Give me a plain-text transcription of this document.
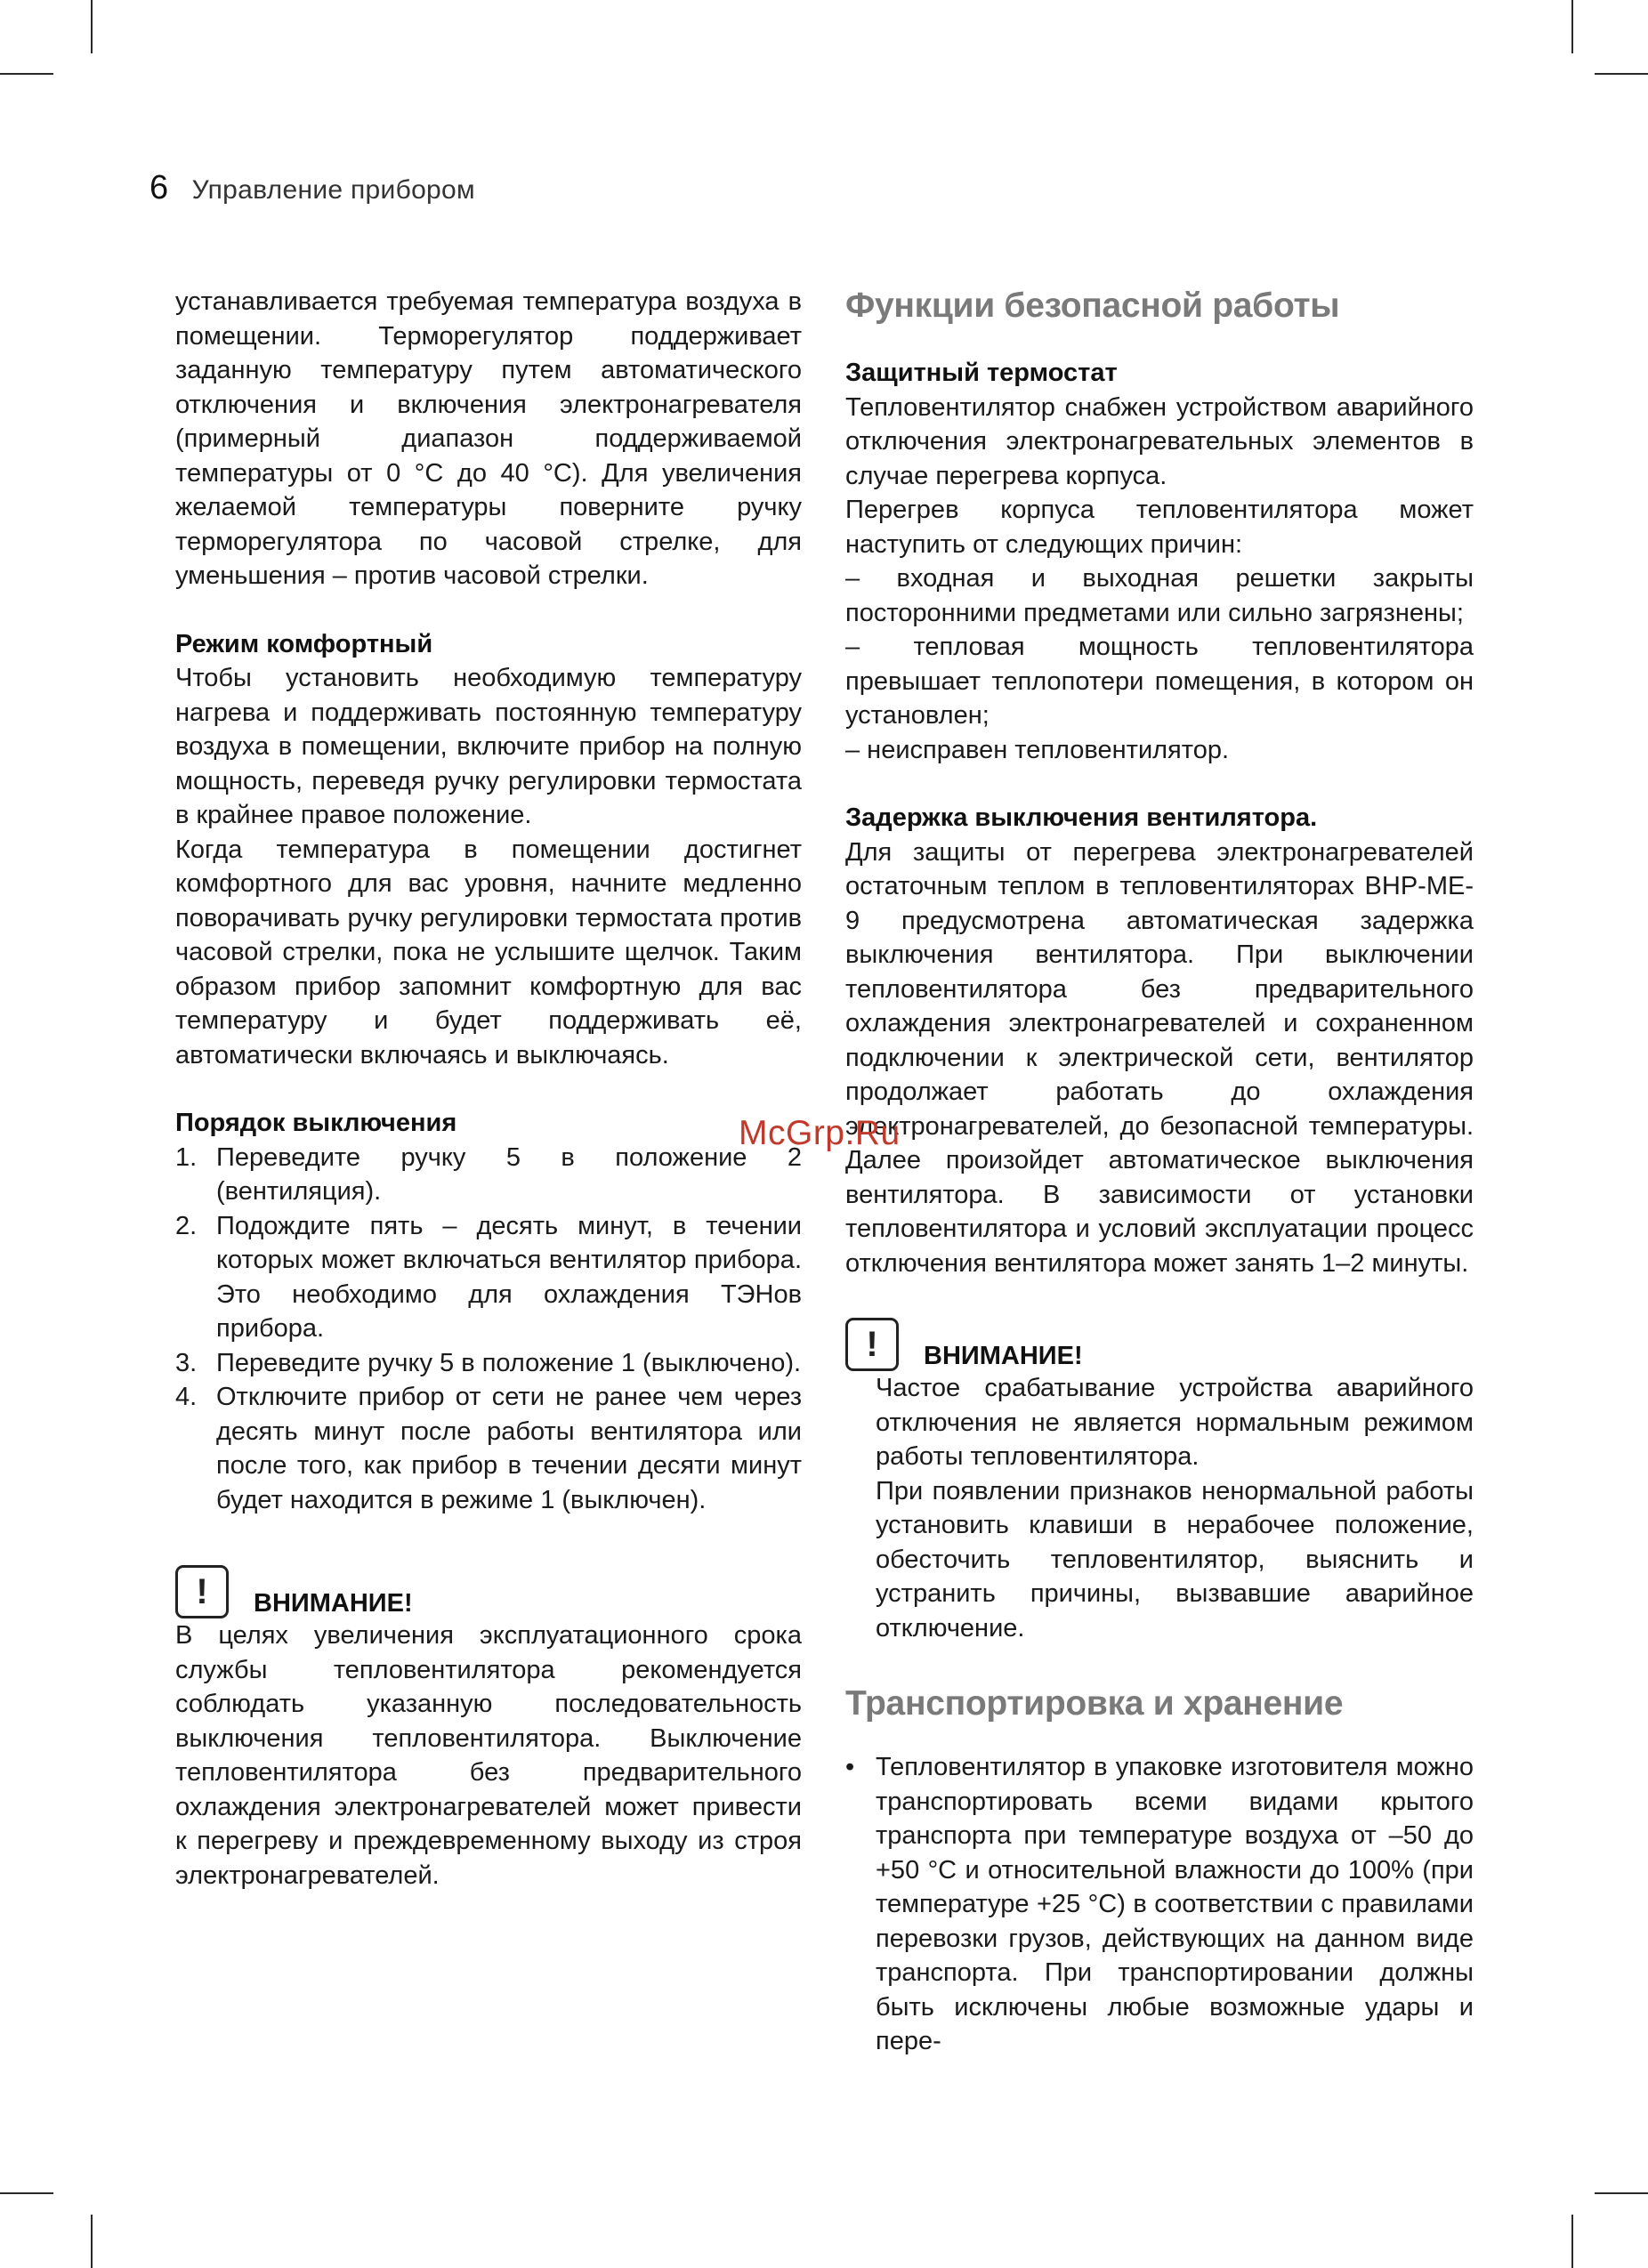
6 Управление прибором

устанавливается требуемая температура воздуха в помещении. Терморегулятор поддерживает заданную температуру путем автоматического отключения и включения электронагревателя (примерный диапазон поддерживаемой температуры от 0 °С до 40 °С). Для увеличения желаемой температуры поверните ручку терморегулятора по часовой стрелке, для уменьшения – против часовой стрелки.

Режим комфортный

Чтобы установить необходимую температуру нагрева и поддерживать постоянную температуру воздуха в помещении, включите прибор на полную мощность, переведя ручку регулировки термостата в крайнее правое положение.

Когда температура в помещении достигнет комфортного для вас уровня, начните медленно поворачивать ручку регулировки термостата против часовой стрелки, пока не услышите щелчок. Таким образом прибор запомнит комфортную для вас температуру и будет поддерживать её, автоматически включаясь и выключаясь.

Порядок выключения
1. Переведите ручку 5 в положение 2 (вентиляция).
2. Подождите пять – десять минут, в течении которых может включаться вентилятор прибора. Это необходимо для охлаждения ТЭНов прибора.
3. Переведите ручку 5 в положение 1 (выключено).
4. Отключите прибор от сети не ранее чем через десять минут после работы вентилятора или после того, как прибор в течении десяти минут будет находится в режиме 1 (выключен).
!	ВНИМАНИЕ!

В целях увеличения эксплуатационного срока службы тепловентилятора рекомендуется соблюдать указанную последовательность выключения тепловентилятора. Выключение тепловентилятора без предварительного охлаждения электронагревателей может привести к перегреву и преждевременному выходу из строя электронагревателей.

Функции безопасной работы
Защитный термостат

Тепловентилятор снабжен устройством аварийного отключения электронагревательных элементов в случае перегрева корпуса.

Перегрев корпуса тепловентилятора может наступить от следующих причин:

– входная и выходная решетки закрыты посторонними предметами или сильно загрязнены;

– тепловая мощность тепловентилятора превышает теплопотери помещения, в котором он установлен;

– неисправен тепловентилятор.

Задержка выключения вентилятора.

Для защиты от перегрева электронагревателей остаточным теплом в тепловентиляторах BHP-ME-9 предусмотрена автоматическая задержка выключения вентилятора. При выключении тепловентилятора без предварительного охлаждения электронагревателей и сохраненном подключении к электрической сети, вентилятор продолжает работать до охлаждения электронагревателей, до безопасной температуры. Далее произойдет автоматическое выключения вентилятора. В зависимости от установки тепловентилятора и условий эксплуатации процесс отключения вентилятора может занять 1–2 минуты.

!	ВНИМАНИЕ!

Частое срабатывание устройства аварийного отключения не является нормальным режимом работы тепловентилятора.

При появлении признаков ненормальной работы установить клавиши в нерабочее положение, обесточить тепловентилятор, выяснить и устранить причины, вызвавшие аварийное отключение.

Транспортировка и хранение
• Тепловентилятор в упаковке изготовителя можно транспортировать всеми видами крытого транспорта при температуре воздуха от –50 до +50 °С и относительной влажности до 100% (при температуре +25 °С) в соответствии с правилами перевозки грузов, действующих на данном виде транспорта. При транспортировании должны быть исключены любые возможные удары и пере-
McGrp.Ru
